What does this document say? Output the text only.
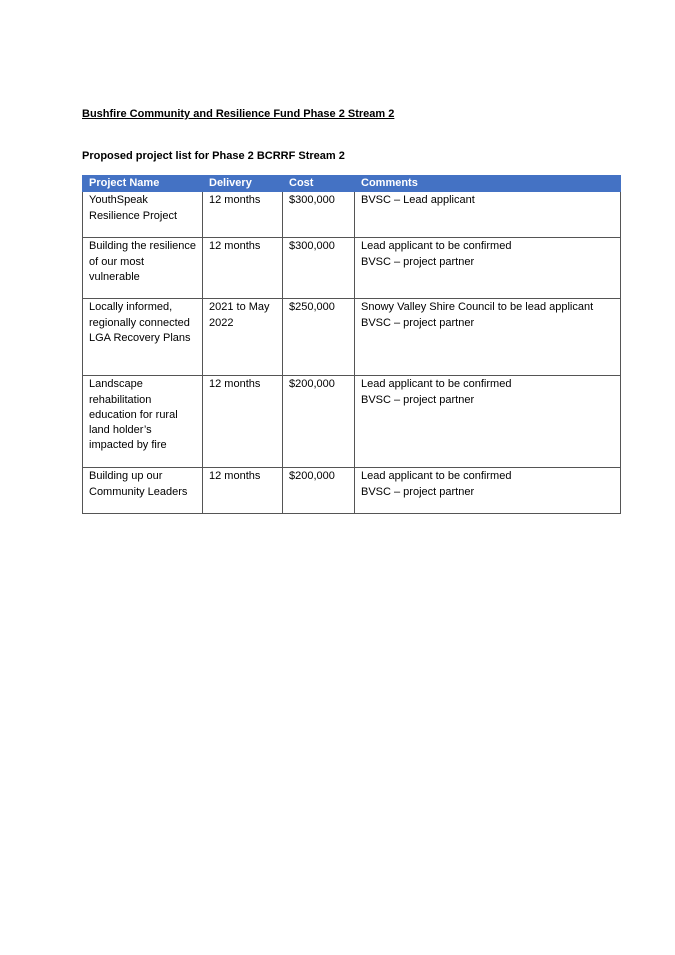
Bushfire Community and Resilience Fund Phase 2 Stream 2
Proposed project list for Phase 2 BCRRF Stream 2
Project Name	Delivery	Cost	Comments
YouthSpeak Resilience Project	12 months	$300,000	BVSC – Lead applicant

Building the resilience of our most vulnerable	12 months	$300,000	Lead applicant to be confirmed
BVSC – project partner

Locally informed, regionally connected LGA Recovery Plans	2021 to May 2022	$250,000	Snowy Valley Shire Council to be lead applicant
BVSC – project partner

Landscape rehabilitation education for rural land holder’s impacted by fire	12 months	$200,000	Lead applicant to be confirmed
BVSC – project partner

Building up our Community Leaders	12 months	$200,000	Lead applicant to be confirmed
BVSC – project partner
